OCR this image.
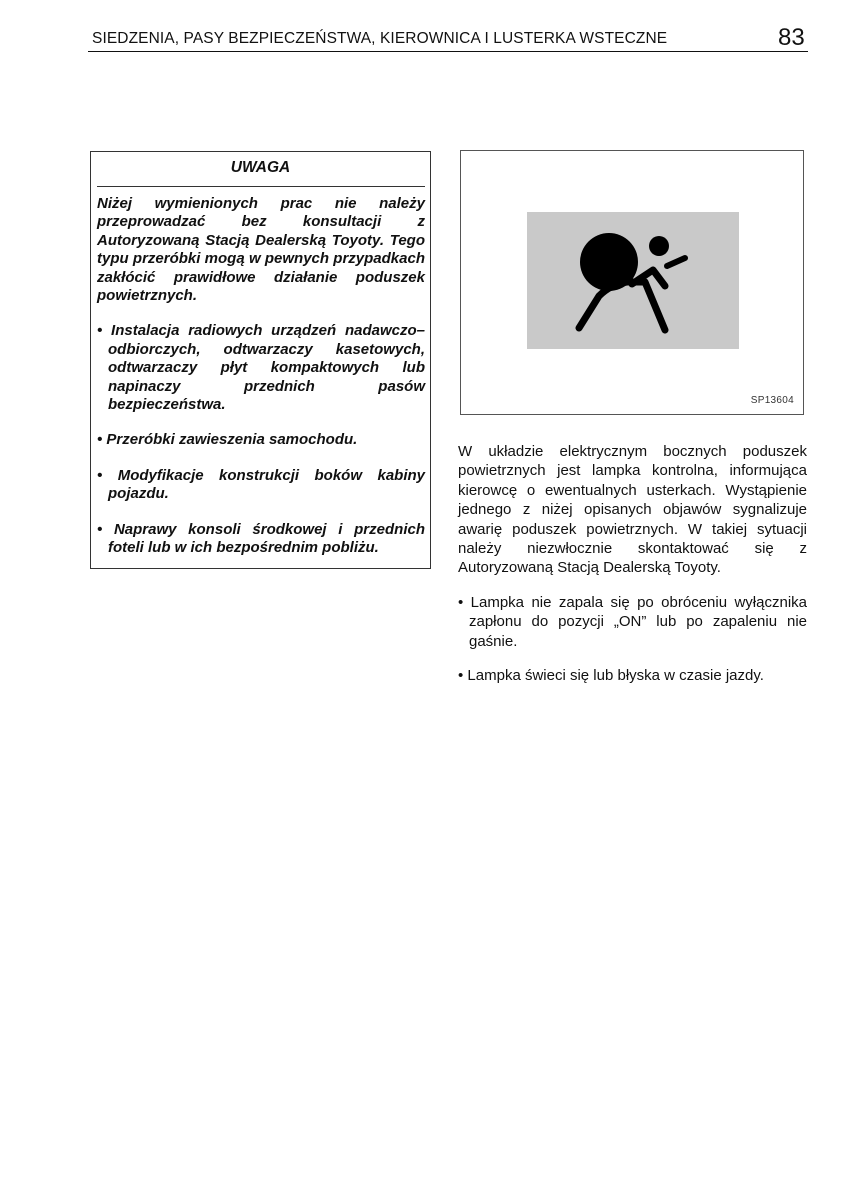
SIEDZENIA, PASY BEZPIECZEŃSTWA, KIEROWNICA I LUSTERKA WSTECZNE	83
UWAGA

Niżej wymienionych prac nie należy przeprowadzać bez konsultacji z Autoryzowaną Stacją Dealerską Toyoty. Tego typu przeróbki mogą w pewnych przypadkach zakłócić prawidłowe działanie poduszek powietrznych.

• Instalacja radiowych urządzeń nadawczo–odbiorczych, odtwarzaczy kasetowych, odtwarzaczy płyt kompaktowych lub napinaczy przednich pasów bezpieczeństwa.

• Przeróbki zawieszenia samochodu.

• Modyfikacje konstrukcji boków kabiny pojazdu.

• Naprawy konsoli środkowej i przednich foteli lub w ich bezpośrednim pobliżu.

SP13604

W układzie elektrycznym bocznych poduszek powietrznych jest lampka kontrolna, informująca kierowcę o ewentualnych usterkach. Wystąpienie jednego z niżej opisanych objawów sygnalizuje awarię poduszek powietrznych. W takiej sytuacji należy niezwłocznie skontaktować się z Autoryzowaną Stacją Dealerską Toyoty.

• Lampka nie zapala się po obróceniu wyłącznika zapłonu do pozycji „ON” lub po zapaleniu nie gaśnie.

• Lampka świeci się lub błyska w czasie jazdy.
